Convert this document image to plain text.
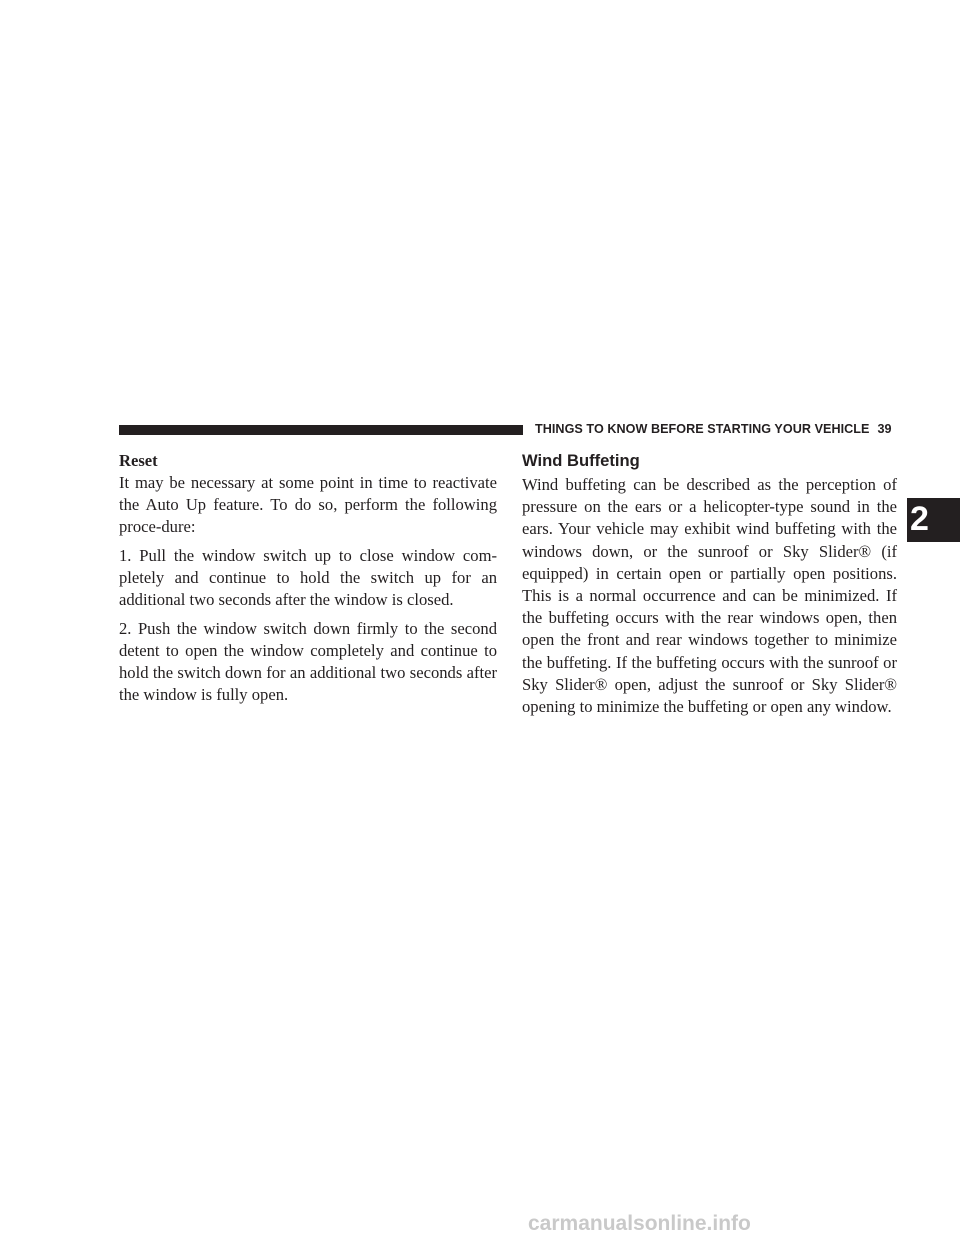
THINGS TO KNOW BEFORE STARTING YOUR VEHICLE 39
2
Reset

It may be necessary at some point in time to reactivate the Auto Up feature. To do so, perform the following proce-dure:

1. Pull the window switch up to close window com-pletely and continue to hold the switch up for an additional two seconds after the window is closed.

2. Push the window switch down firmly to the second detent to open the window completely and continue to hold the switch down for an additional two seconds after the window is fully open.

Wind Buffeting

Wind buffeting can be described as the perception of pressure on the ears or a helicopter-type sound in the ears. Your vehicle may exhibit wind buffeting with the windows down, or the sunroof or Sky Slider® (if equipped) in certain open or partially open positions. This is a normal occurrence and can be minimized. If the buffeting occurs with the rear windows open, then open the front and rear windows together to minimize the buffeting. If the buffeting occurs with the sunroof or Sky Slider® open, adjust the sunroof or Sky Slider® opening to minimize the buffeting or open any window.

carmanualsonline.info
